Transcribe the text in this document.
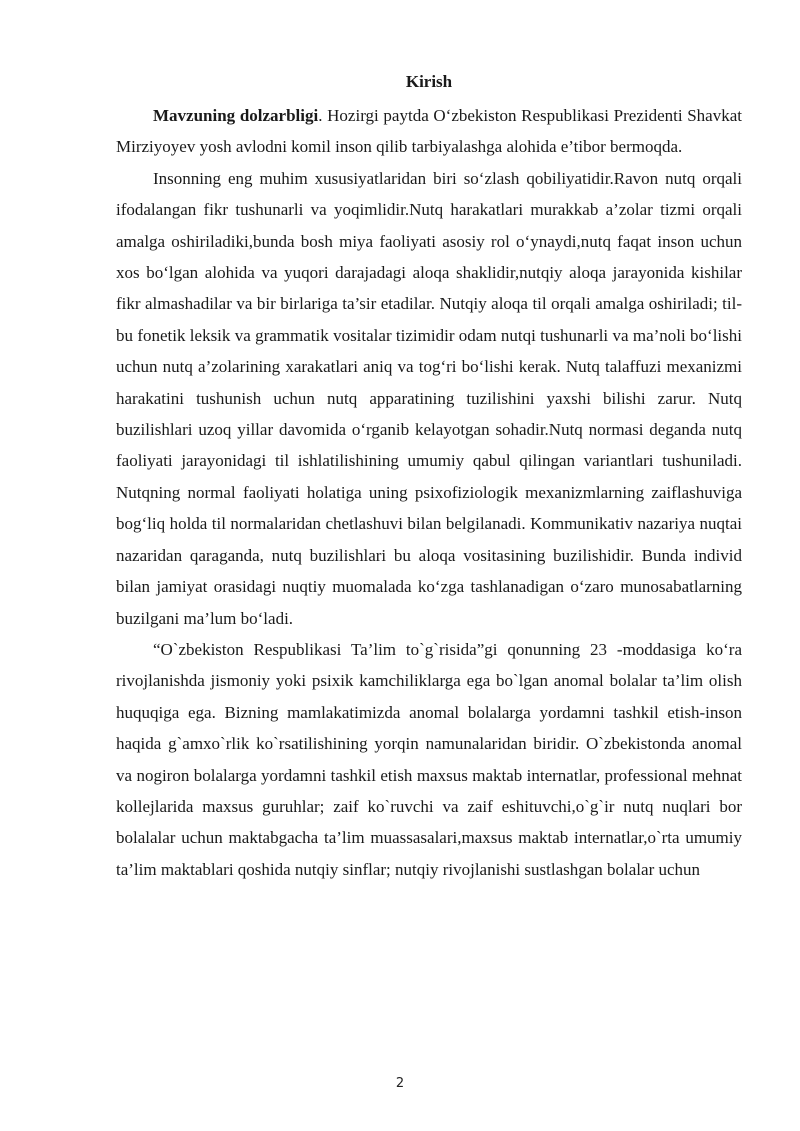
Kirish

Mavzuning dolzarbligi. Hozirgi paytda O‘zbekiston Respublikasi Prezidenti Shavkat Mirziyoyev yosh avlodni komil inson qilib tarbiyalashga alohida e’tibor bermoqda.

Insonning eng muhim xususiyatlaridan biri so‘zlash qobiliyatidir.Ravon nutq orqali ifodalangan fikr tushunarli va yoqimlidir.Nutq harakatlari murakkab a’zolar tizmi orqali amalga oshiriladiki,bunda bosh miya faoliyati asosiy rol o‘ynaydi,nutq faqat inson uchun xos bo‘lgan alohida va yuqori darajadagi aloqa shaklidir,nutqiy aloqa jarayonida kishilar fikr almashadilar va bir birlariga ta’sir etadilar. Nutqiy aloqa til orqali amalga oshiriladi; til-bu fonetik leksik va grammatik vositalar tizimidir odam nutqi tushunarli va ma’noli bo‘lishi uchun nutq a’zolarining xarakatlari aniq va tog‘ri bo‘lishi kerak. Nutq talaffuzi mexanizmi harakatini tushunish uchun nutq apparatining tuzilishini yaxshi bilishi zarur. Nutq buzilishlari uzoq yillar davomida o‘rganib kelayotgan sohadir.Nutq normasi deganda nutq faoliyati jarayonidagi til ishlatilishining umumiy qabul qilingan variantlari tushuniladi. Nutqning normal faoliyati holatiga uning psixofiziologik mexanizmlarning zaiflashuviga bog‘liq holda til normalaridan chetlashuvi bilan belgilanadi. Kommunikativ nazariya nuqtai nazaridan qaraganda, nutq buzilishlari bu aloqa vositasining buzilishidir. Bunda individ bilan jamiyat orasidagi nuqtiy muomalada ko‘zga tashlanadigan o‘zaro munosabatlarning buzilgani ma’lum bo‘ladi.

“O`zbekiston Respublikasi Ta’lim to`g`risida”gi qonunning 23 -moddasiga ko‘ra rivojlanishda jismoniy yoki psixik kamchiliklarga ega bo`lgan anomal bolalar ta’lim olish huquqiga ega. Bizning mamlakatimizda anomal bolalarga yordamni tashkil etish-inson haqida g`amxo`rlik ko`rsatilishining yorqin namunalaridan biridir. O`zbekistonda anomal va nogiron bolalarga yordamni tashkil etish maxsus maktab internatlar, professional mehnat kollejlarida maxsus guruhlar; zaif ko`ruvchi va zaif eshituvchi,o`g`ir nutq nuqlari bor bolalalar uchun maktabgacha ta’lim muassasalari,maxsus maktab internatlar,o`rta umumiy ta’lim maktablari qoshida nutqiy sinflar; nutqiy rivojlanishi sustlashgan bolalar uchun

2
